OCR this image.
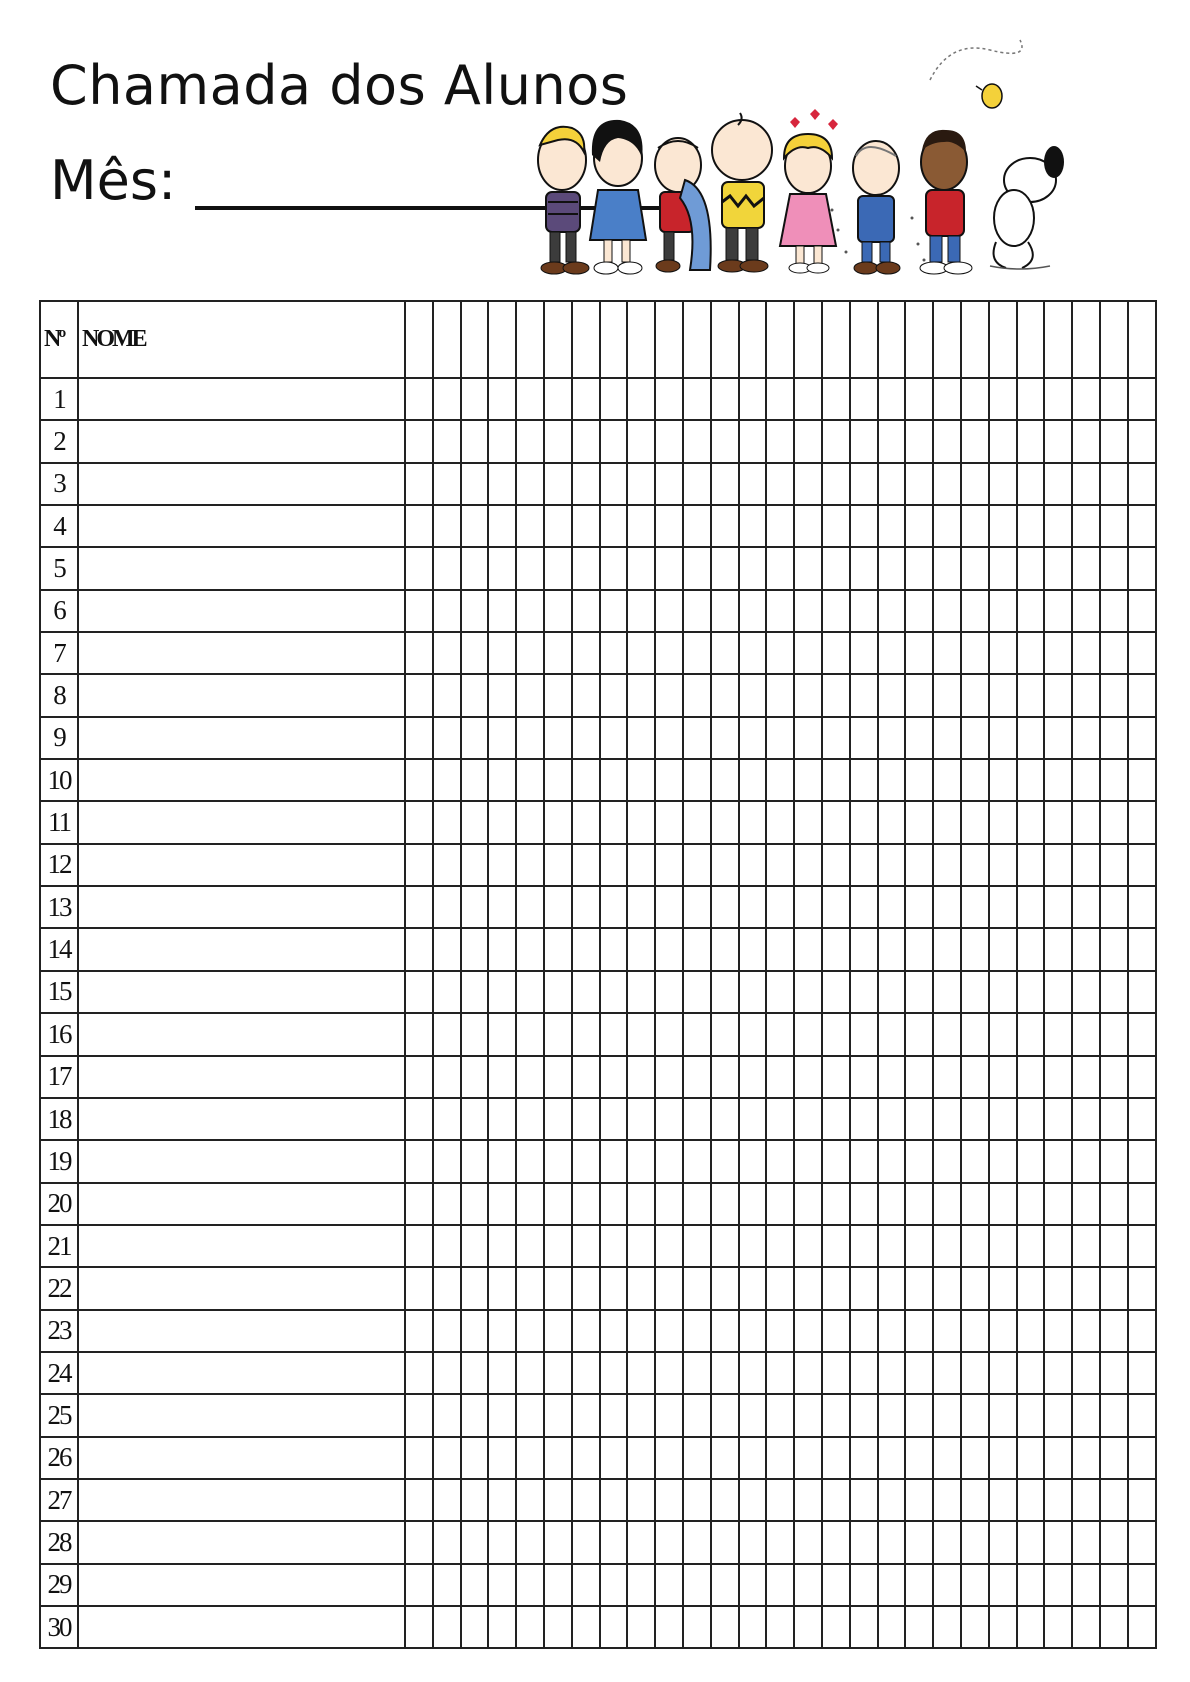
Chamada dos Alunos
Mês:
Nº	NOME																											
1																												
2																												
3																												
4																												
5																												
6																												
7																												
8																												
9																												
10																												
11																												
12																												
13																												
14																												
15																												
16																												
17																												
18																												
19																												
20																												
21																												
22																												
23																												
24																												
25																												
26																												
27																												
28																												
29																												
30																												
